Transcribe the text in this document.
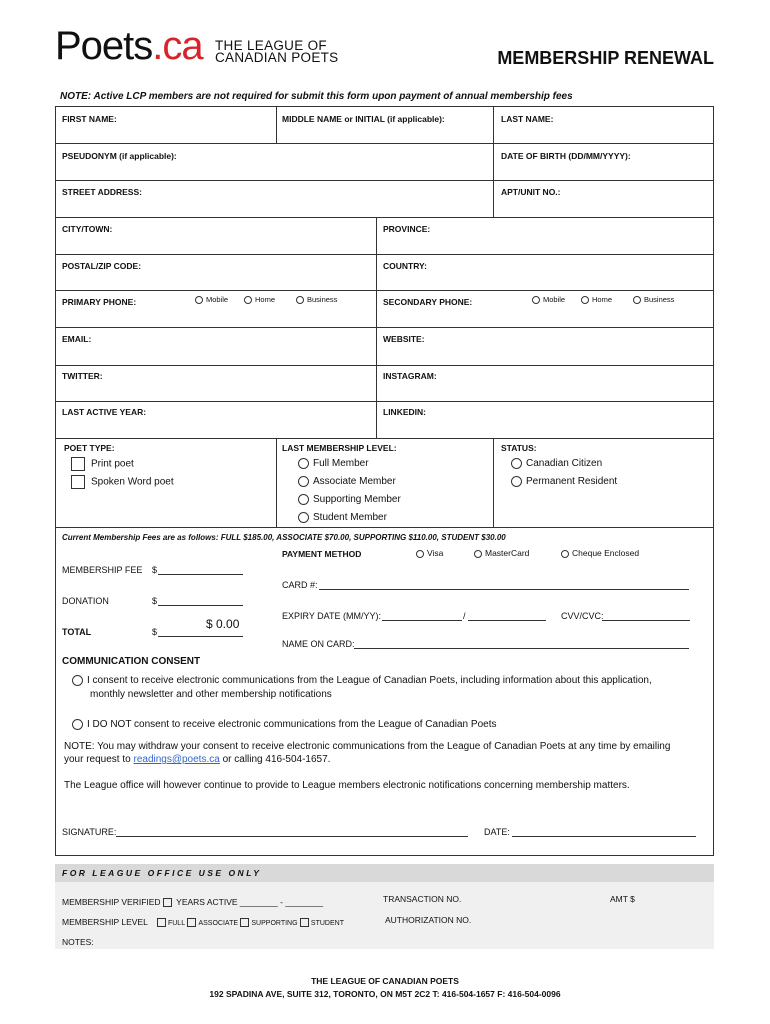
Poets.ca THE LEAGUE OF
CANADIAN POETS	MEMBERSHIP RENEWAL
NOTE: Active LCP members are not required for submit this form upon payment of annual membership fees
FIRST NAME:	MIDDLE NAME or INITIAL (if applicable):	LAST NAME:
PSEUDONYM (if applicable):	DATE OF BIRTH (DD/MM/YYYY):
STREET ADDRESS:	APT/UNIT NO.:
CITY/TOWN:	PROVINCE:
POSTAL/ZIP CODE:	COUNTRY:
PRIMARY PHONE:	Mobile	Home	Business	SECONDARY PHONE:	Mobile	Home	Business
EMAIL:	WEBSITE:
TWITTER:	INSTAGRAM:
LAST ACTIVE YEAR:	LINKEDIN:
POET TYPE:
Print poet
Spoken Word poet
LAST MEMBERSHIP LEVEL:
Full Member
Associate Member
Supporting Member
Student Member
STATUS:
Canadian Citizen
Permanent Resident
Current Membership Fees are as follows: FULL $185.00, ASSOCIATE $70.00, SUPPORTING $110.00, STUDENT $30.00
PAYMENT METHOD	Visa	MasterCard	Cheque Enclosed
MEMBERSHIP FEE $
CARD #:
DONATION	$
EXPIRY DATE (MM/YY):	/	CVV/CVC:
TOTAL	$
$ 0.00
NAME ON CARD:
COMMUNICATION CONSENT
I consent to receive electronic communications from the League of Canadian Poets, including information about this application,
monthly newsletter and other membership notifications
I DO NOT consent to receive electronic communications from the League of Canadian Poets
NOTE: You may withdraw your consent to receive electronic communications from the League of Canadian Poets at any time by emailing
your request to readings@poets.ca or calling 416-504-1657.
The League office will however continue to provide to League members electronic notifications concerning membership matters.
SIGNATURE:	DATE:
FOR LEAGUE OFFICE USE ONLY
MEMBERSHIP VERIFIED YEARS ACTIVE ________ - ________
MEMBERSHIP LEVEL	FULL ASSOCIATE SUPPORTING STUDENT
NOTES:
TRANSACTION NO.
AUTHORIZATION NO.
AMT $
THE LEAGUE OF CANADIAN POETS
192 SPADINA AVE, SUITE 312, TORONTO, ON M5T 2C2 T: 416-504-1657 F: 416-504-0096
